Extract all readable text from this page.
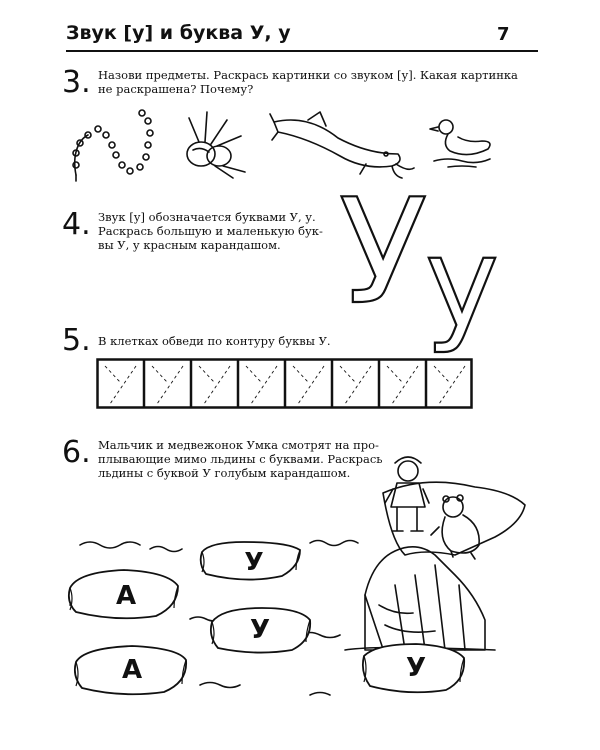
Звук [у] и буква У, у	7
3. Назови предметы. Раскрась картинки со звуком [у]. Какая картинка
не раскрашена? Почему?
4. Звук [у] обозначается буквами У, у.
Раскрась большую и маленькую бук-
вы У, у красным карандашом. У
у
5. В клетках обведи по контуру буквы У.
6. Мальчик и медвежонок Умка смотрят на про-
плывающие мимо льдины с буквами. Раскрась
льдины с буквой У голубым карандашом.
У
А
У
А	У
